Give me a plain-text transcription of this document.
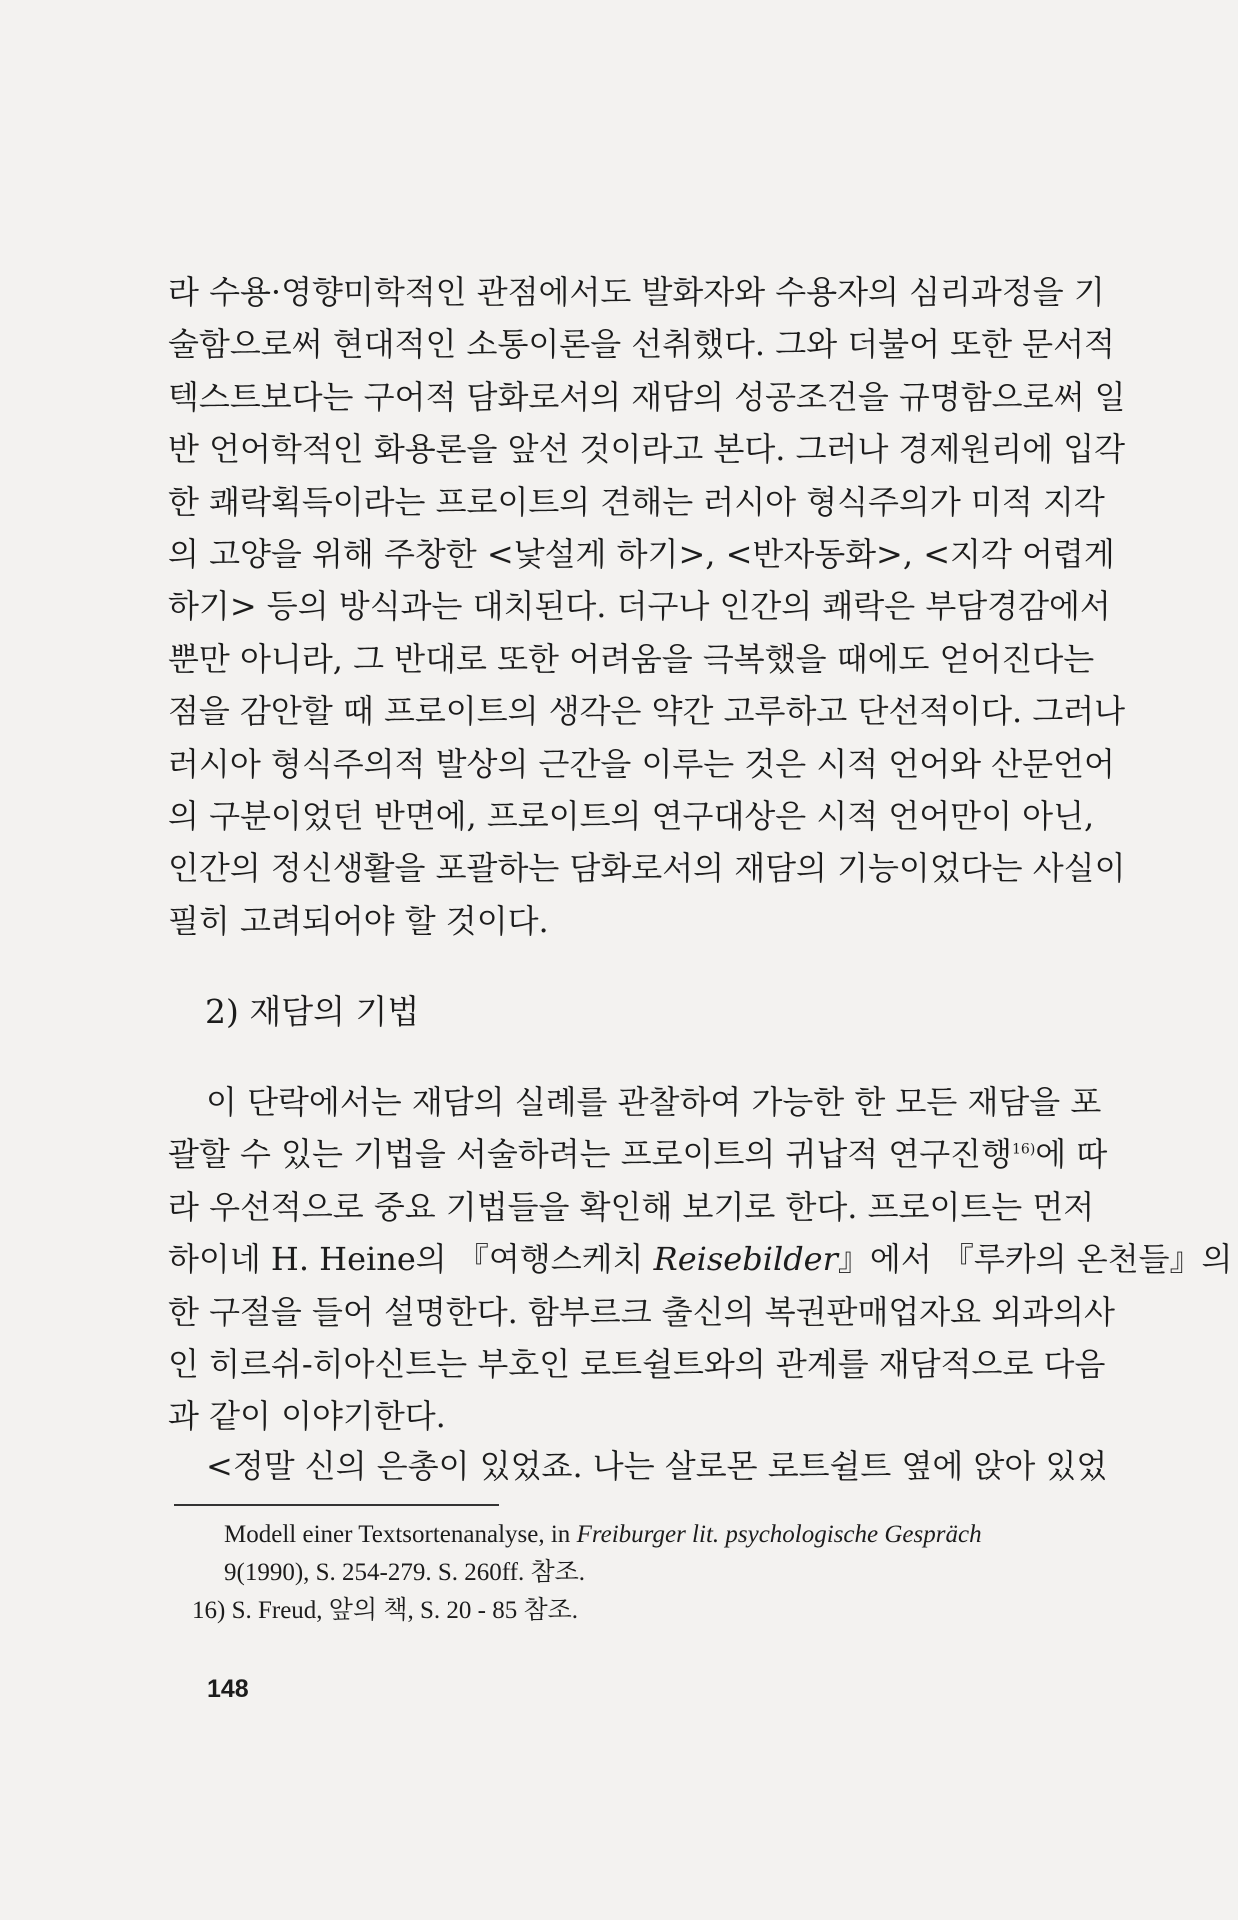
라 수용·영향미학적인 관점에서도 발화자와 수용자의 심리과정을 기
술함으로써 현대적인 소통이론을 선취했다. 그와 더불어 또한 문서적
텍스트보다는 구어적 담화로서의 재담의 성공조건을 규명함으로써 일
반 언어학적인 화용론을 앞선 것이라고 본다. 그러나 경제원리에 입각
한 쾌락획득이라는 프로이트의 견해는 러시아 형식주의가 미적 지각
의 고양을 위해 주창한 <낯설게 하기>, <반자동화>, <지각 어렵게
하기> 등의 방식과는 대치된다. 더구나 인간의 쾌락은 부담경감에서
뿐만 아니라, 그 반대로 또한 어려움을 극복했을 때에도 얻어진다는
점을 감안할 때 프로이트의 생각은 약간 고루하고 단선적이다. 그러나
러시아 형식주의적 발상의 근간을 이루는 것은 시적 언어와 산문언어
의 구분이었던 반면에, 프로이트의 연구대상은 시적 언어만이 아닌,
인간의 정신생활을 포괄하는 담화로서의 재담의 기능이었다는 사실이
필히 고려되어야 할 것이다.

2) 재담의 기법

이 단락에서는 재담의 실례를 관찰하여 가능한 한 모든 재담을 포
괄할 수 있는 기법을 서술하려는 프로이트의 귀납적 연구진행$^{16)}$에 따
라 우선적으로 중요 기법들을 확인해 보기로 한다. 프로이트는 먼저
하이네 H. Heine의 『여행스케치 Reisebilder』에서 『루카의 온천들』의
한 구절을 들어 설명한다. 함부르크 출신의 복권판매업자요 외과의사
인 히르쉬-히아신트는 부호인 로트쉴트와의 관계를 재담적으로 다음
과 같이 이야기한다.

<정말 신의 은총이 있었죠. 나는 살로몬 로트쉴트 옆에 앉아 있었

Modell einer Textsortenanalyse, in Freiburger lit. psychologische Gespräch
9(1990), S. 254-279. S. 260ff. 참조.
16) S. Freud, 앞의 책, S. 20 - 85 참조.

148
